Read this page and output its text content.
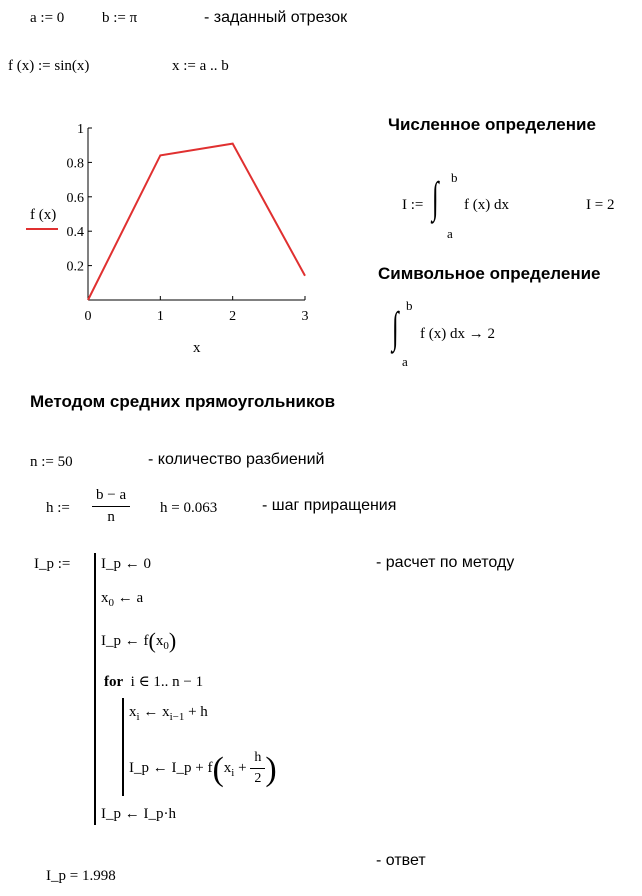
a := 0	b := π	- заданный отрезок
f (x) := sin(x)	x := a .. b
0	1	2	3
0.2
0.4
0.6
0.8
1
f (x)
x
Численное определение
I := ∫ b
a
f (x) dx	I = 2
Символьное определение
∫ b
a
f (x) dx → 2
Методом средних прямоугольников
n := 50	- количество разбиений
h := $\frac{b - a}{n}$ h = 0.063	- шаг приращения
I_p :=	- расчет по методу
I_p ← 0
$x_0$ ← a
I_p ← $f(x_0)$
for i ∈ 1.. n − 1
$x_i$ ← $x_{i-1} + h$
I_p ← I_p + $f(x_i + \frac{h}{2}$ )
I_p ← I_p·h
I_p = 1.998
- ответ
